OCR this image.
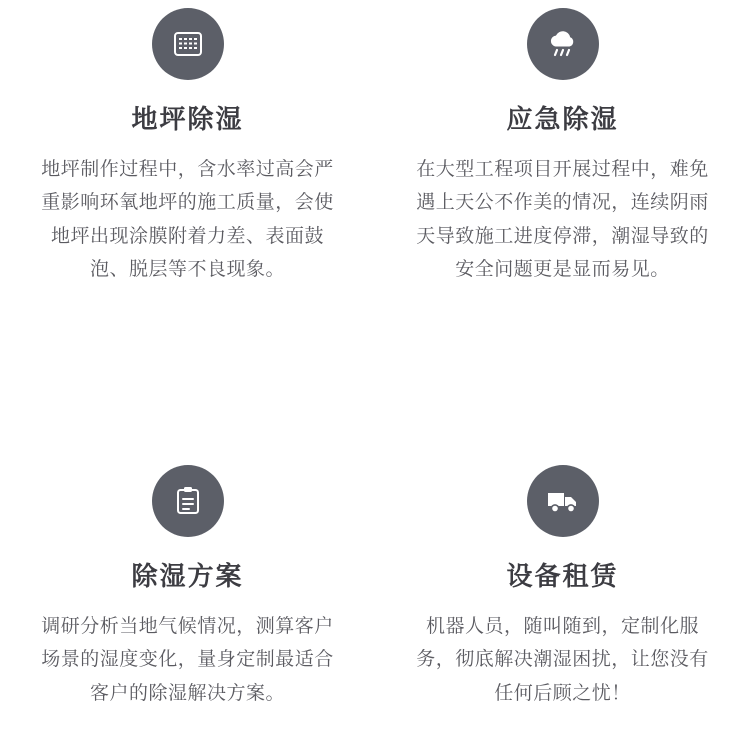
地坪除湿
地坪制作过程中，含水率过高会严重影响环氧地坪的施工质量，会使地坪出现涂膜附着力差、表面鼓泡、脱层等不良现象。
应急除湿
在大型工程项目开展过程中，难免遇上天公不作美的情况，连续阴雨天导致施工进度停滞，潮湿导致的安全问题更是显而易见。
除湿方案
调研分析当地气候情况，测算客户场景的湿度变化，量身定制最适合客户的除湿解决方案。
设备租赁
机器人员，随叫随到，定制化服务，彻底解决潮湿困扰，让您没有任何后顾之忧！
